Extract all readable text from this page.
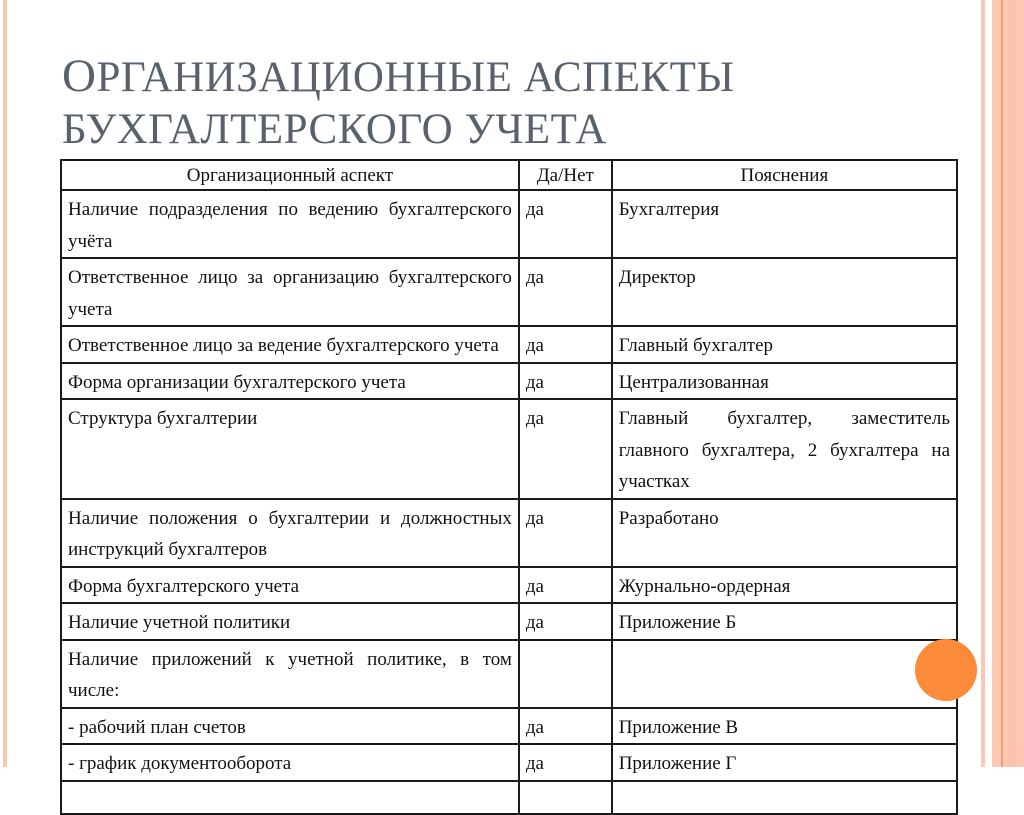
ОРГАНИЗАЦИОННЫЕ АСПЕКТЫ
БУХГАЛТЕРСКОГО УЧЕТА
Организационный аспект	Да/Нет	Пояснения
Наличие подразделения по ведению бухгалтерского учёта	да	Бухгалтерия
Ответственное лицо за организацию бухгалтерского учета	да	Директор
Ответственное лицо за ведение бухгалтерского учета	да	Главный бухгалтер
Форма организации бухгалтерского учета	да	Централизованная
Структура бухгалтерии	да	Главный бухгалтер, заместитель главного бухгалтера, 2 бухгалтера на участках
Наличие положения о бухгалтерии и должностных инструкций бухгалтеров	да	Разработано
Форма бухгалтерского учета	да	Журнально-ордерная
Наличие учетной политики	да	Приложение Б
Наличие приложений к учетной политике, в том числе:		
- рабочий план счетов	да	Приложение В
- график документооборота	да	Приложение Г
